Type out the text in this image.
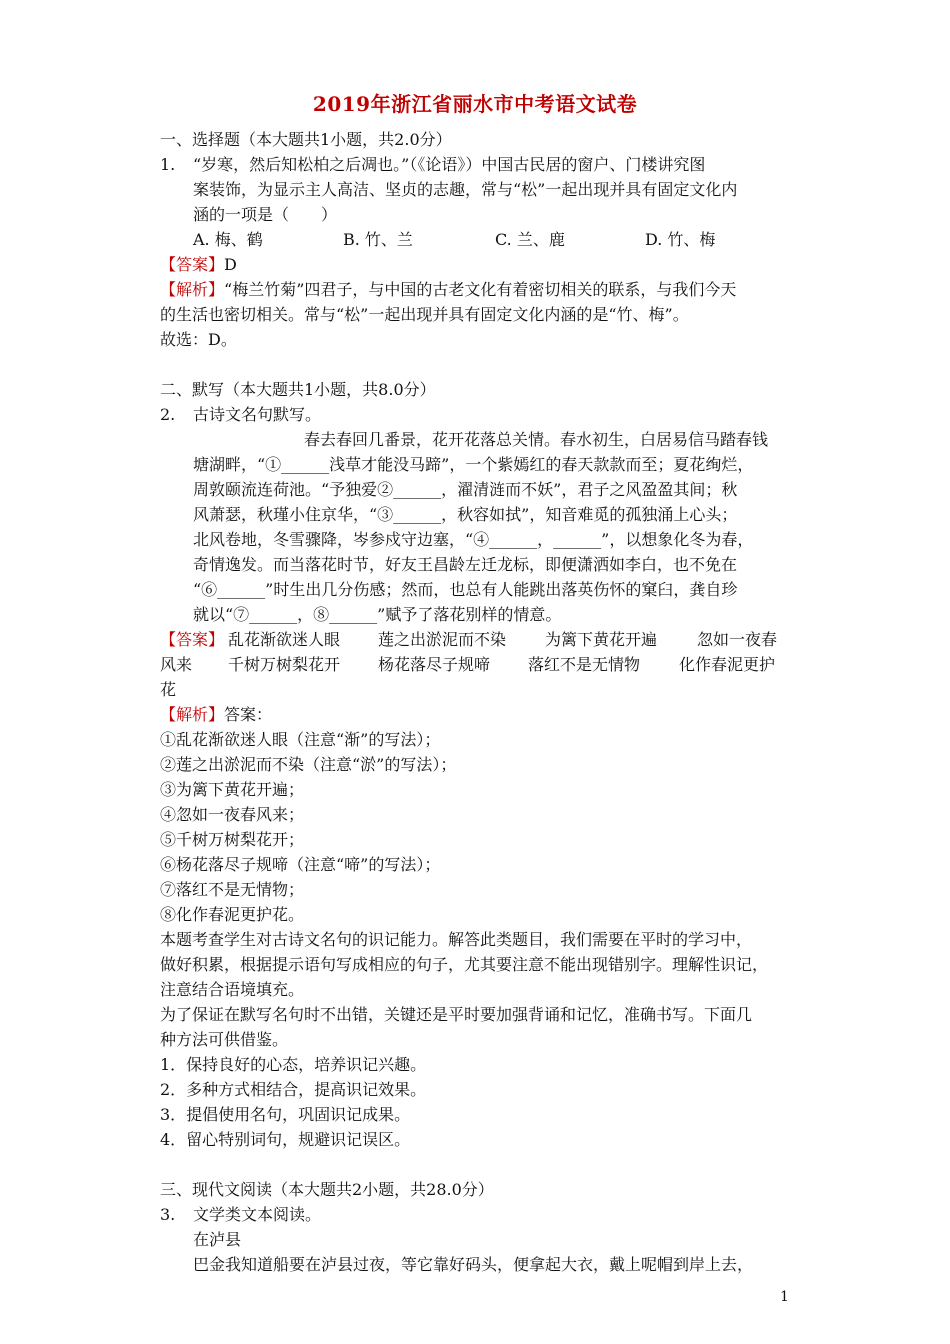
2019年浙江省丽水市中考语文试卷
一、选择题（本大题共1小题，共2.0分）
1. “岁寒，然后知松柏之后凋也。”（《论语》）中国古民居的窗户、门楼讲究图
案装饰，为显示主人高洁、坚贞的志趣，常与“松”一起出现并具有固定文化内
涵的一项是（　　）
A. 梅、鹤	B. 竹、兰	C. 兰、鹿	D. 竹、梅
【答案】D
【解析】“梅兰竹菊”四君子，与中国的古老文化有着密切相关的联系，与我们今天
的生活也密切相关。常与“松”一起出现并具有固定文化内涵的是“竹、梅”。
故选：D。
二、默写（本大题共1小题，共8.0分）
2. 古诗文名句默写。
春去春回几番景，花开花落总关情。春水初生，白居易信马踏春钱
塘湖畔，“①______浅草才能没马蹄”，一个紫嫣红的春天款款而至；夏花绚烂，
周敦颐流连荷池。“予独爱②______，濯清涟而不妖”，君子之风盈盈其间；秋
风萧瑟，秋瑾小住京华，“③______，秋容如拭”，知音难觅的孤独涌上心头；
北风卷地，冬雪骤降，岑参戍守边塞，“④______，______”，以想象化冬为春，
奇情逸发。而当落花时节，好友王昌龄左迁龙标，即便潇洒如李白，也不免在
“⑥______”时生出几分伤感；然而，也总有人能跳出落英伤怀的窠臼，龚自珍
就以“⑦______，⑧______”赋予了落花别样的情意。
【答案】 乱花渐欲迷人眼 莲之出淤泥而不染 为篱下黄花开遍 忽如一夜春
风来 千树万树梨花开 杨花落尽子规啼 落红不是无情物 化作春泥更护
花
【解析】答案：
①乱花渐欲迷人眼（注意“渐”的写法）；
②莲之出淤泥而不染（注意“淤”的写法）；
③为篱下黄花开遍；
④忽如一夜春风来；
⑤千树万树梨花开；
⑥杨花落尽子规啼（注意“啼”的写法）；
⑦落红不是无情物；
⑧化作春泥更护花。
本题考查学生对古诗文名句的识记能力。解答此类题目，我们需要在平时的学习中，
做好积累，根据提示语句写成相应的句子，尤其要注意不能出现错别字。理解性识记，
注意结合语境填充。
为了保证在默写名句时不出错，关键还是平时要加强背诵和记忆，准确书写。下面几
种方法可供借鉴。
1．保持良好的心态，培养识记兴趣。
2．多种方式相结合，提高识记效果。
3．提倡使用名句，巩固识记成果。
4．留心特别词句，规避识记误区。
三、现代文阅读（本大题共2小题，共28.0分）
3. 文学类文本阅读。
在泸县
巴金我知道船要在泸县过夜，等它靠好码头，便拿起大衣，戴上呢帽到岸上去，
1
